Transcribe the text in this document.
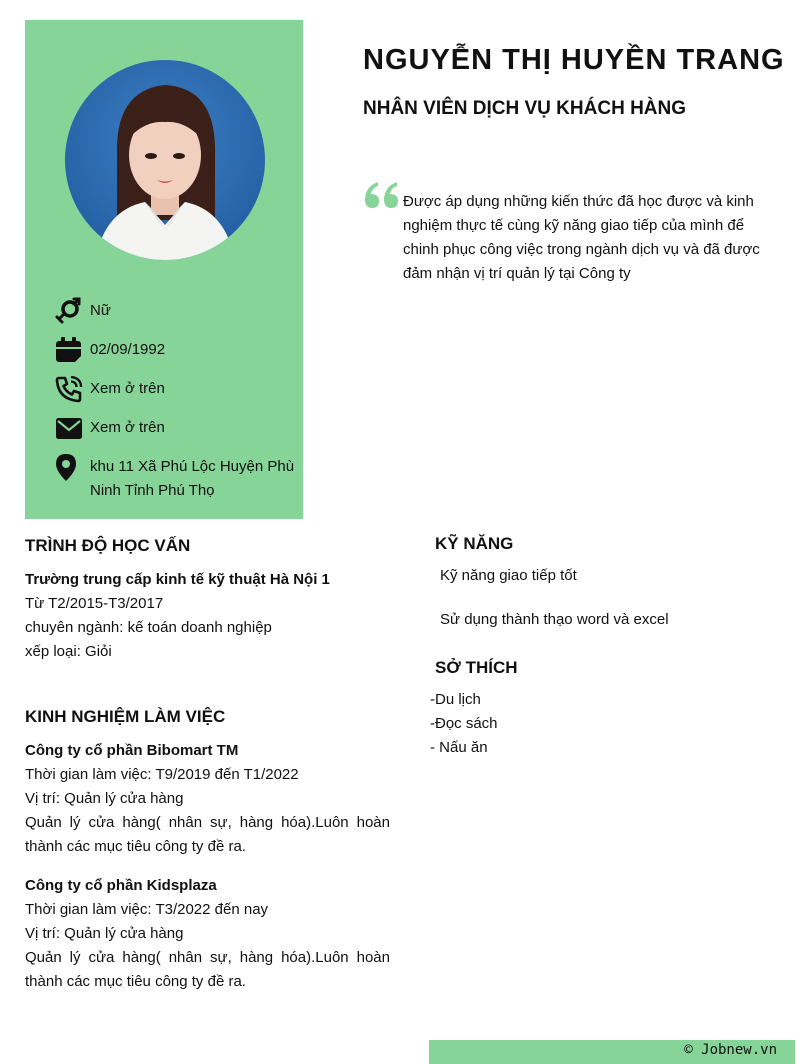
Nữ
02/09/1992
Xem ở trên
Xem ở trên
khu 11 Xã Phú Lộc Huyện Phù Ninh Tỉnh Phú Thọ
NGUYỄN THỊ HUYỀN TRANG
NHÂN VIÊN DỊCH VỤ KHÁCH HÀNG
Được áp dụng những kiến thức đã học được và kinh nghiệm thực tế cùng kỹ năng giao tiếp của mình để chinh phục công việc trong ngành dịch vụ và đã được đảm nhận vị trí quản lý tại Công ty
TRÌNH ĐỘ HỌC VẤN
Trường trung cấp kinh tế kỹ thuật Hà Nội 1
Từ T2/2015-T3/2017
chuyên ngành: kế toán doanh nghiệp
xếp loại: Giỏi
KINH NGHIỆM LÀM VIỆC
Công ty cổ phần Bibomart TM
Thời gian làm việc: T9/2019 đến T1/2022
Vị trí: Quản lý cửa hàng
Quản lý cửa hàng( nhân sự, hàng hóa).Luôn hoàn thành các mục tiêu công ty đề ra.
Công ty cổ phần Kidsplaza
Thời gian làm việc: T3/2022 đến nay
Vị trí: Quản lý cửa hàng
Quản lý cửa hàng( nhân sự, hàng hóa).Luôn hoàn thành các mục tiêu công ty đề ra.
KỸ NĂNG
Kỹ năng giao tiếp tốt
Sử dụng thành thạo word và excel
SỞ THÍCH
-Du lịch
-Đọc sách
- Nấu ăn
© Jobnew.vn
